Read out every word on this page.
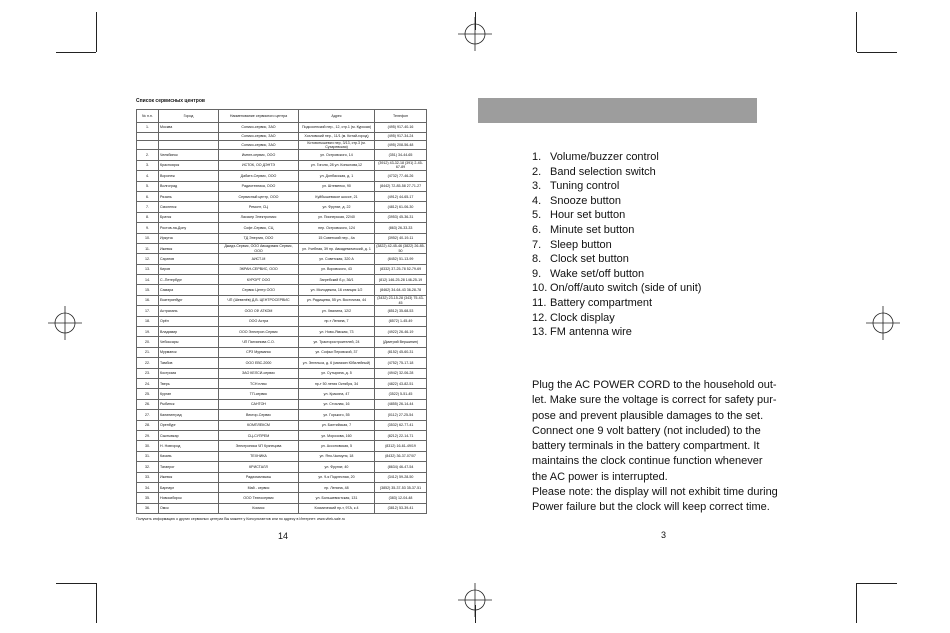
Список сервисных центров
№ п.п.	Город	Наименование сервисного центра	Адрес	Телефон
1.	Москва	Сонико-сервис, ЗАО	Подсосенский пер., 12, стр.1 (м. Курская)	(495) 917-40-16
		Сонико-сервис, ЗАО	Хохловский пер., 11/1 (м. Китай-город)	(495) 917-34-24
		Сонико-сервис, ЗАО	Котовотышевич пер, 3/13, стр.3 (м. Сухаревская)	(495) 208-56-48
2.	Челябинск	Импэт-сервис, ООО	ул. Островского, 14	(351) 34-44-65
3.	Красноярск	ИСТОК, ОО ДЭНТЭ	ул. Гоголя, 28 ул. Копылова,12	(3912) 43-32-18 (391) 2-45-67-89
4.	Воронеж	Дабатэ-Сервис, ООО	ул. Донбасская, д. 1	(4732) 77-46-26
5.	Волгоград	Радиотехника, ООО	ул. Штеменко, 90	(8442) 72-85-58 27-71-27
6.	Рязань	Сервисный центр, ООО	Куйбышевское шоссе, 21	(4912) 44-65-17
7.	Смоленск	Ремонт, СЦ	ул. Фрунзе, д. 22	(4812) 61-06-30
8.	Братск	Ласскер Электроникс	ул. Пионерская, 22/40	(3953) 45-36-31
9.	Ростов-на-Дону	Софт-Сервис, СЦ	пер. Островского, 124	(863) 26-33-33
10.	Иркутск	ТД Энергия, ООО	15 Советский пер., 4а	(3952) 40-19-11
11.	Ижевск	Джидэ-Сервис, ООО Авкадэмия Сервис, ООО	ул. Учебная, 39 пр. Авкадемический, д. 1	(3822) 42-45-46 (3822) 26-85-50
12.	Саратов	АИСТ-М	ул. Советская, 320 А	(8452) 51-13-99
13.	Киров	ЭКРАН-СЕРВИС, ООО	ул. Воровского, 43	(8332) 37-25-78 52-79-69
14.	С.-Петербург	КУРОРТ ООО	Загребский б-р, 36/1	(812) 146-25-28 146-25-19
15.	Самара	Сервис Центр ООО	ул. Молодежна, 16 станция 1/2	(8462) 34-64-43 36-28-78
16.	Екатеринбург	ЧП (Шевелёв) Д.В. ЦЕНТРОСЕРВИС	ул. Радищева, 55 ул. Восточная, 44	(3432) 23-15-28 (343) 75-43-45
17.	Астрахань	ООО СФ АТКОМ	ул. Хвалина, 12/2	(8512) 35-68-53
18.	Орёл	ООО Астра	пр-т Ленина, 7	(8572) 1-45-49
19.	Владимир	ООО Электрон-Сервис	ул. Ново-Ямская, 73	(4922) 26-46-19
20.	Чебоксары	ЧП Папчинова С.О.	ул. Тракторостроителей, 24	(Дмитрий Вершинин)
21.	Мурманск	СРЗ Мурманск	ул. Софьи Перовской, 37	(8152) 45-60-31
22.	Тамбов	ООО ЕВС-2000	ул. Энгельса, д. 6 (магазин Юбилейный)	(4752) 75-17-18
23.	Кострома	ЗАО КЕЛСИ-сервис	ул. Сутырина, д. 5	(4942) 32-06-28
24.	Тверь	ТСН плюс	пр-т 50 летия Октября, 34	(4822) 43-82-51
25.	Курган	ТП-сервис	ул. Красина, 47	(3522) 5-51-45
26.	Рыбинск	САНТОН	ул. Стоялая, 16	(4855) 26-14-44
27.	Калининград	Вектор-Сервис	ул. Горького, 55	(0112) 27-25-54
28.	Оренбург	КОМПЛЕКСМ	ул. Балтийская, 7	(3532) 62-77-41
29.	Сыктывкар	СЦ-СУПРЕМ	ул. Морозова, 160	(8212) 22-14-71
30.	Н. Новгород	Электроника ЧП Кузнецова	ул. Ассоновская, 5	(8312) 16-61-49/19
31.	Казань	ТЕХНИКА	ул. Япо-Чыпкуня, 18	(8432) 36-37-07/07
32.	Таганрог	КРИСТАЛЛ	ул. Фрунзе, 40	(8634) 46-47-54
33.	Ижевск	Радиомальчиш	ул. 9-я Подлесная, 20	(3412) 59-28-50
34.	Барнаул	Май - сервис	пр. Ленина, 48	(3852) 35-37-53 35-37-51
35.	Новосибирск	ООО Техносервис	ул. Большевистская, 131	(383) 12-04-48
36.	Омск	Космос	Космический пр-т, 97А, к.4	(3812) 53-39-41
Получить информацию о других сервисных центрах Вы можете у Консультантов или по адресу в Интернет: www.vitek-sale.ru
14
1. Volume/buzzer control
2. Band selection switch
3. Tuning control
4. Snooze button
5. Hour set button
6. Minute set button
7. Sleep button
8. Clock set button
9. Wake set/off button
10. On/off/auto switch (side of unit)
11. Battery compartment
12. Clock display
13. FM antenna wire

Plug the AC POWER CORD to the household out-
let. Make sure the voltage is correct for safety pur-
pose and prevent plausible damages to the set.
Connect one 9 volt battery (not included) to the
battery terminals in the battery compartment. It
maintains the clock continue function whenever
the AC power is interrupted.
Please note: the display will not exhibit time during
Power failure but the clock will keep correct time.

3
